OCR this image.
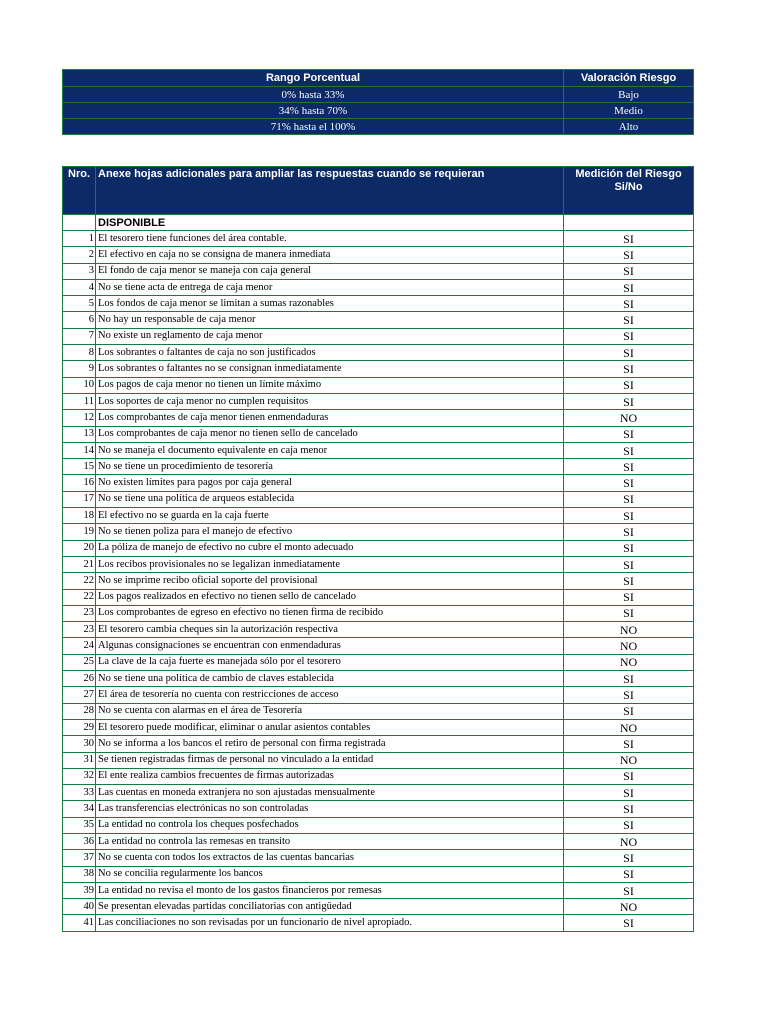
Rango Porcentual	Valoración Riesgo
0% hasta 33%	Bajo
34% hasta 70%	Medio
71% hasta el 100%	Alto
Nro.	Anexe hojas adicionales para ampliar las respuestas cuando se requieran	Medición del Riesgo Si/No
	DISPONIBLE	
1	El tesorero tiene funciones del área contable.	SI
2	El efectivo en caja no se consigna de manera inmediata	SI
3	El fondo de caja menor se maneja con caja general	SI
4	No se tiene acta de entrega de caja menor	SI
5	Los fondos de caja menor se limitan a sumas razonables	SI
6	No hay un responsable de caja menor	SI
7	No existe un reglamento de caja menor	SI
8	Los sobrantes o faltantes de caja no son justificados	SI
9	Los sobrantes o faltantes no se consignan inmediatamente	SI
10	Los pagos de caja menor no tienen un límite máximo	SI
11	Los soportes de caja menor no cumplen requisitos	SI
12	Los comprobantes de caja menor tienen enmendaduras	NO
13	Los comprobantes de caja menor no tienen sello de cancelado	SI
14	No se maneja el documento equivalente en caja menor	SI
15	No se tiene un procedimiento de tesorería	SI
16	No existen límites para pagos por caja general	SI
17	No se tiene una política de arqueos establecida	SI
18	El efectivo no se guarda en la caja fuerte	SI
19	No se tienen poliza para el manejo de efectivo	SI
20	La póliza de manejo de efectivo no cubre el monto adecuado	SI
21	Los recibos provisionales no se legalizan inmediatamente	SI
22	No se imprime recibo oficial soporte del provisional	SI
22	Los pagos realizados en efectivo no tienen sello de cancelado	SI
23	Los comprobantes de egreso en efectivo no tienen firma de recibido	SI
23	El tesorero cambia cheques sin la autorización respectiva	NO
24	Algunas consignaciones se encuentran con enmendaduras	NO
25	La clave de la caja fuerte es manejada sólo por el tesorero	NO
26	No se tiene una política de cambio de claves establecida	SI
27	El área de tesorería no cuenta con restricciones de acceso	SI
28	No se cuenta con alarmas en el área de Tesorería	SI
29	El tesorero puede modificar, eliminar o anular asientos contables	NO
30	No se informa a los bancos el retiro de personal con firma registrada	SI
31	Se tienen registradas firmas de personal no vinculado a la entidad	NO
32	El ente realiza cambios frecuentes de firmas autorizadas	SI
33	Las cuentas en moneda extranjera no son ajustadas mensualmente	SI
34	Las transferencias electrónicas no son controladas	SI
35	La entidad no controla los cheques posfechados	SI
36	La entidad no controla las remesas en transito	NO
37	No se cuenta con todos los extractos de las cuentas bancarias	SI
38	No se concilia regularmente los bancos	SI
39	La entidad no revisa el monto de los gastos financieros por remesas	SI
40	Se presentan elevadas partidas conciliatorias con antigüedad	NO
41	Las conciliaciones no son revisadas por un funcionario de nivel apropiado.	SI
